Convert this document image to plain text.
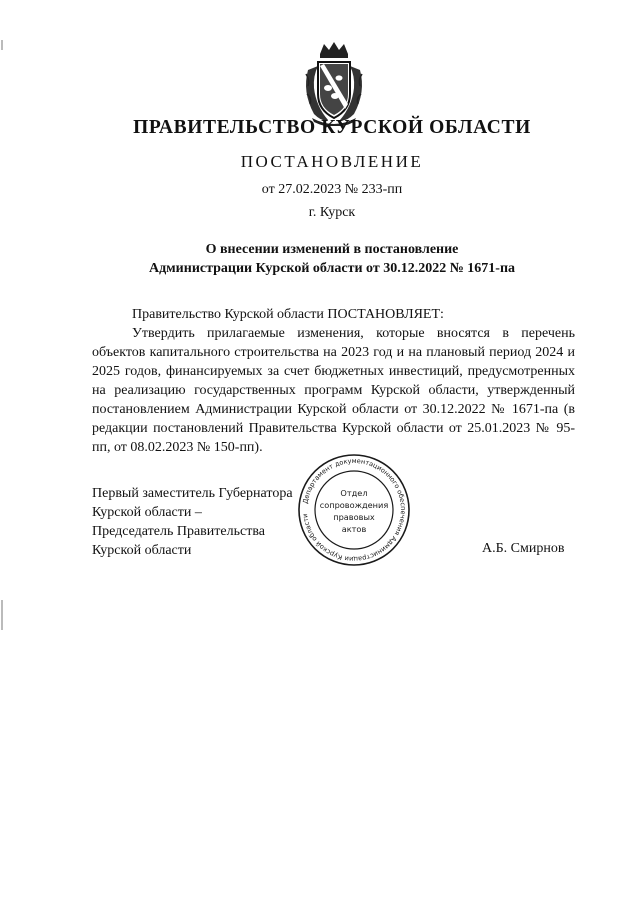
ПРАВИТЕЛЬСТВО КУРСКОЙ ОБЛАСТИ
ПОСТАНОВЛЕНИЕ
от 27.02.2023 № 233-пп
г. Курск
О внесении изменений в постановление
Администрации Курской области от 30.12.2022 № 1671-па
Правительство Курской области ПОСТАНОВЛЯЕТ:
Утвердить прилагаемые изменения, которые вносятся в перечень объектов капитального строительства на 2023 год и на плановый период 2024 и 2025 годов, финансируемых за счет бюджетных инвестиций, предусмотренных на реализацию государственных программ Курской области, утвержденный постановлением Администрации Курской области от 30.12.2022 № 1671-па (в редакции постановлений Правительства Курской области от 25.01.2023 № 95-пп, от 08.02.2023 № 150-пп).
Первый заместитель Губернатора
Курской области –
Председатель Правительства
Курской области	А.Б. Смирнов
Департамент документационного обеспечения Администрации Курской области
Отдел
сопровождения
правовых
актов
